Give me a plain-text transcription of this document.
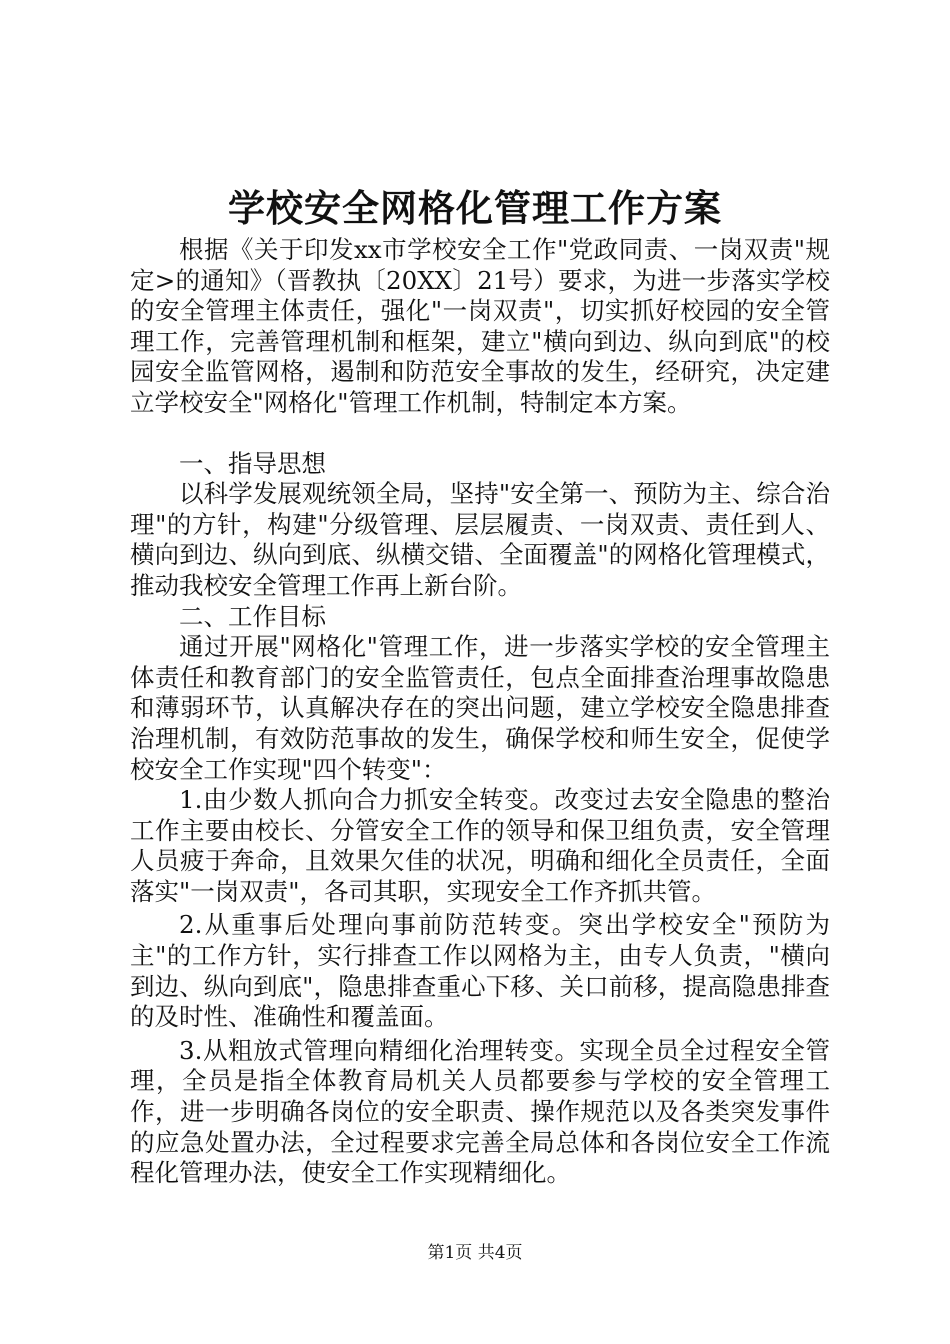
学校安全网格化管理工作方案

根据《关于印发xx市学校安全工作"党政同责、一岗双责"规定>的通知》（晋教执〔20XX〕21号）要求，为进一步落实学校的安全管理主体责任，强化"一岗双责"，切实抓好校园的安全管理工作，完善管理机制和框架，建立"横向到边、纵向到底"的校园安全监管网格，遏制和防范安全事故的发生，经研究，决定建立学校安全"网格化"管理工作机制，特制定本方案。

一、指导思想

以科学发展观统领全局，坚持"安全第一、预防为主、综合治理"的方针，构建"分级管理、层层履责、一岗双责、责任到人、横向到边、纵向到底、纵横交错、全面覆盖"的网格化管理模式，推动我校安全管理工作再上新台阶。

二、工作目标

通过开展"网格化"管理工作，进一步落实学校的安全管理主体责任和教育部门的安全监管责任，包点全面排查治理事故隐患和薄弱环节，认真解决存在的突出问题，建立学校安全隐患排查治理机制，有效防范事故的发生，确保学校和师生安全，促使学校安全工作实现"四个转变"：

1.由少数人抓向合力抓安全转变。改变过去安全隐患的整治工作主要由校长、分管安全工作的领导和保卫组负责，安全管理人员疲于奔命，且效果欠佳的状况，明确和细化全员责任，全面落实"一岗双责"，各司其职，实现安全工作齐抓共管。

2.从重事后处理向事前防范转变。突出学校安全"预防为主"的工作方针，实行排查工作以网格为主，由专人负责，"横向到边、纵向到底"，隐患排查重心下移、关口前移，提高隐患排查的及时性、准确性和覆盖面。

3.从粗放式管理向精细化治理转变。实现全员全过程安全管理，全员是指全体教育局机关人员都要参与学校的安全管理工作，进一步明确各岗位的安全职责、操作规范以及各类突发事件的应急处置办法，全过程要求完善全局总体和各岗位安全工作流程化管理办法，使安全工作实现精细化。

第1页 共4页
